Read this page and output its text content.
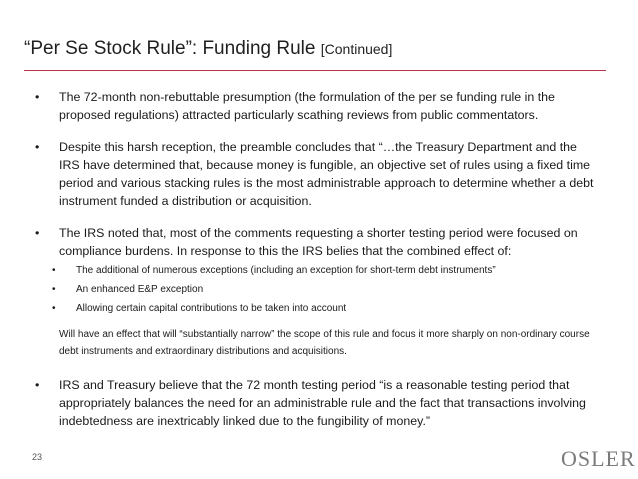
“Per Se Stock Rule”: Funding Rule [Continued]
• The 72-month non-rebuttable presumption (the formulation of the per se funding rule in the proposed regulations) attracted particularly scathing reviews from public commentators.
• Despite this harsh reception, the preamble concludes that “…the Treasury Department and the IRS have determined that, because money is fungible, an objective set of rules using a fixed time period and various stacking rules is the most administrable approach to determine whether a debt instrument funded a distribution or acquisition.
• The IRS noted that, most of the comments requesting a shorter testing period were focused on compliance burdens. In response to this the IRS belies that the combined effect of:
• The additional of numerous exceptions (including an exception for short-term debt instruments”
• An enhanced E&P exception
• Allowing certain capital contributions to be taken into account
Will have an effect that will “substantially narrow” the scope of this rule and focus it more sharply on non-ordinary course debt instruments and extraordinary distributions and acquisitions.
• IRS and Treasury believe that the 72 month testing period “is a reasonable testing period that appropriately balances the need for an administrable rule and the fact that transactions involving indebtedness are inextricably linked due to the fungibility of money.”
23	OSLER
